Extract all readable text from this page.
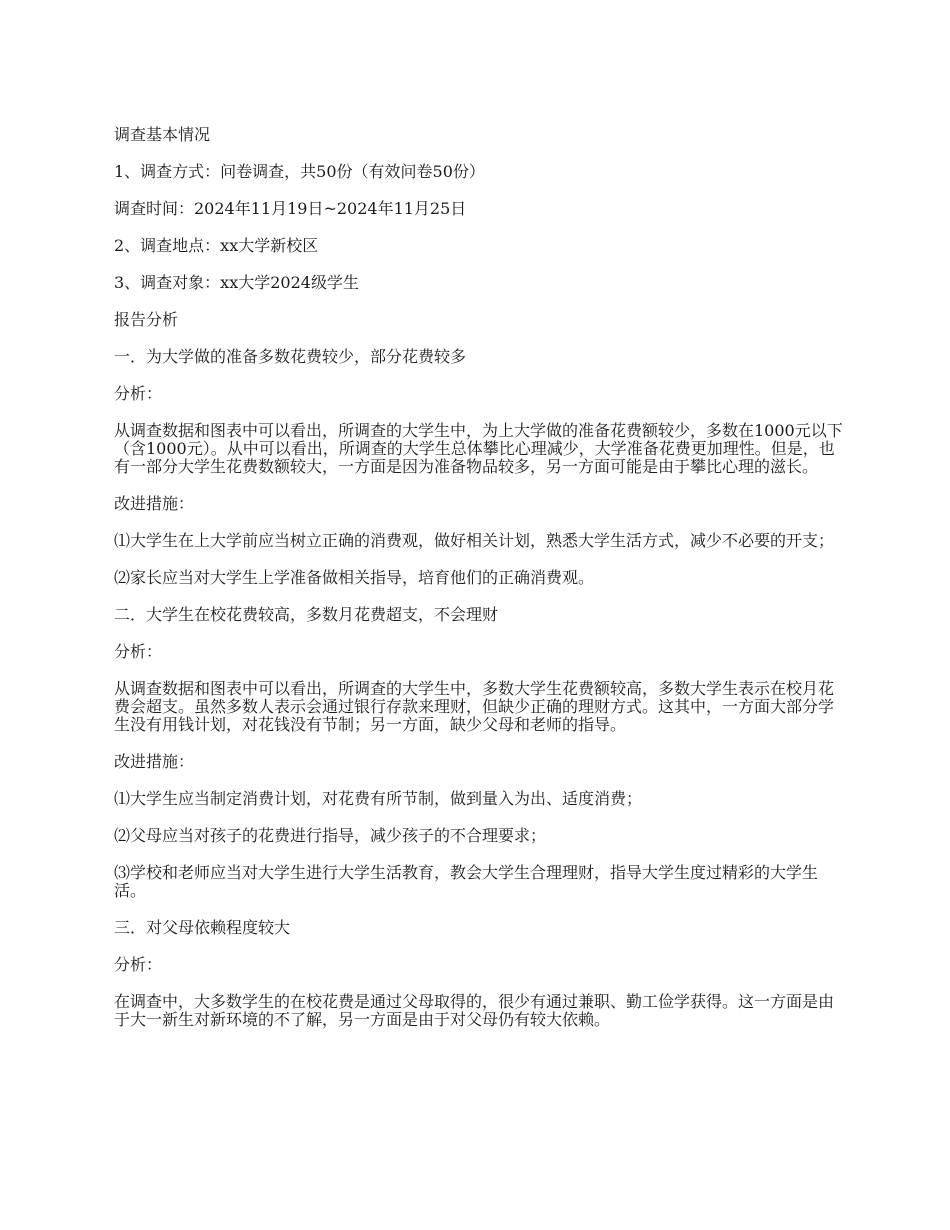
调查基本情况

1、调查方式：问卷调查，共50份（有效问卷50份）

调查时间：2024年11月19日~2024年11月25日

2、调查地点：xx大学新校区

3、调查对象：xx大学2024级学生

报告分析

一．为大学做的准备多数花费较少，部分花费较多

分析：

从调查数据和图表中可以看出，所调查的大学生中，为上大学做的准备花费额较少，多数在1000元以下（含1000元）。从中可以看出，所调查的大学生总体攀比心理减少，大学准备花费更加理性。但是，也有一部分大学生花费数额较大，一方面是因为准备物品较多，另一方面可能是由于攀比心理的滋长。

改进措施：

⑴大学生在上大学前应当树立正确的消费观，做好相关计划，熟悉大学生活方式，减少不必要的开支；

⑵家长应当对大学生上学准备做相关指导，培育他们的正确消费观。

二．大学生在校花费较高，多数月花费超支，不会理财

分析：

从调查数据和图表中可以看出，所调查的大学生中，多数大学生花费额较高，多数大学生表示在校月花费会超支。虽然多数人表示会通过银行存款来理财，但缺少正确的理财方式。这其中，一方面大部分学生没有用钱计划，对花钱没有节制；另一方面，缺少父母和老师的指导。

改进措施：

⑴大学生应当制定消费计划，对花费有所节制，做到量入为出、适度消费；

⑵父母应当对孩子的花费进行指导，减少孩子的不合理要求；

⑶学校和老师应当对大学生进行大学生活教育，教会大学生合理理财，指导大学生度过精彩的大学生活。

三．对父母依赖程度较大

分析：

在调查中，大多数学生的在校花费是通过父母取得的，很少有通过兼职、勤工俭学获得。这一方面是由于大一新生对新环境的不了解，另一方面是由于对父母仍有较大依赖。
